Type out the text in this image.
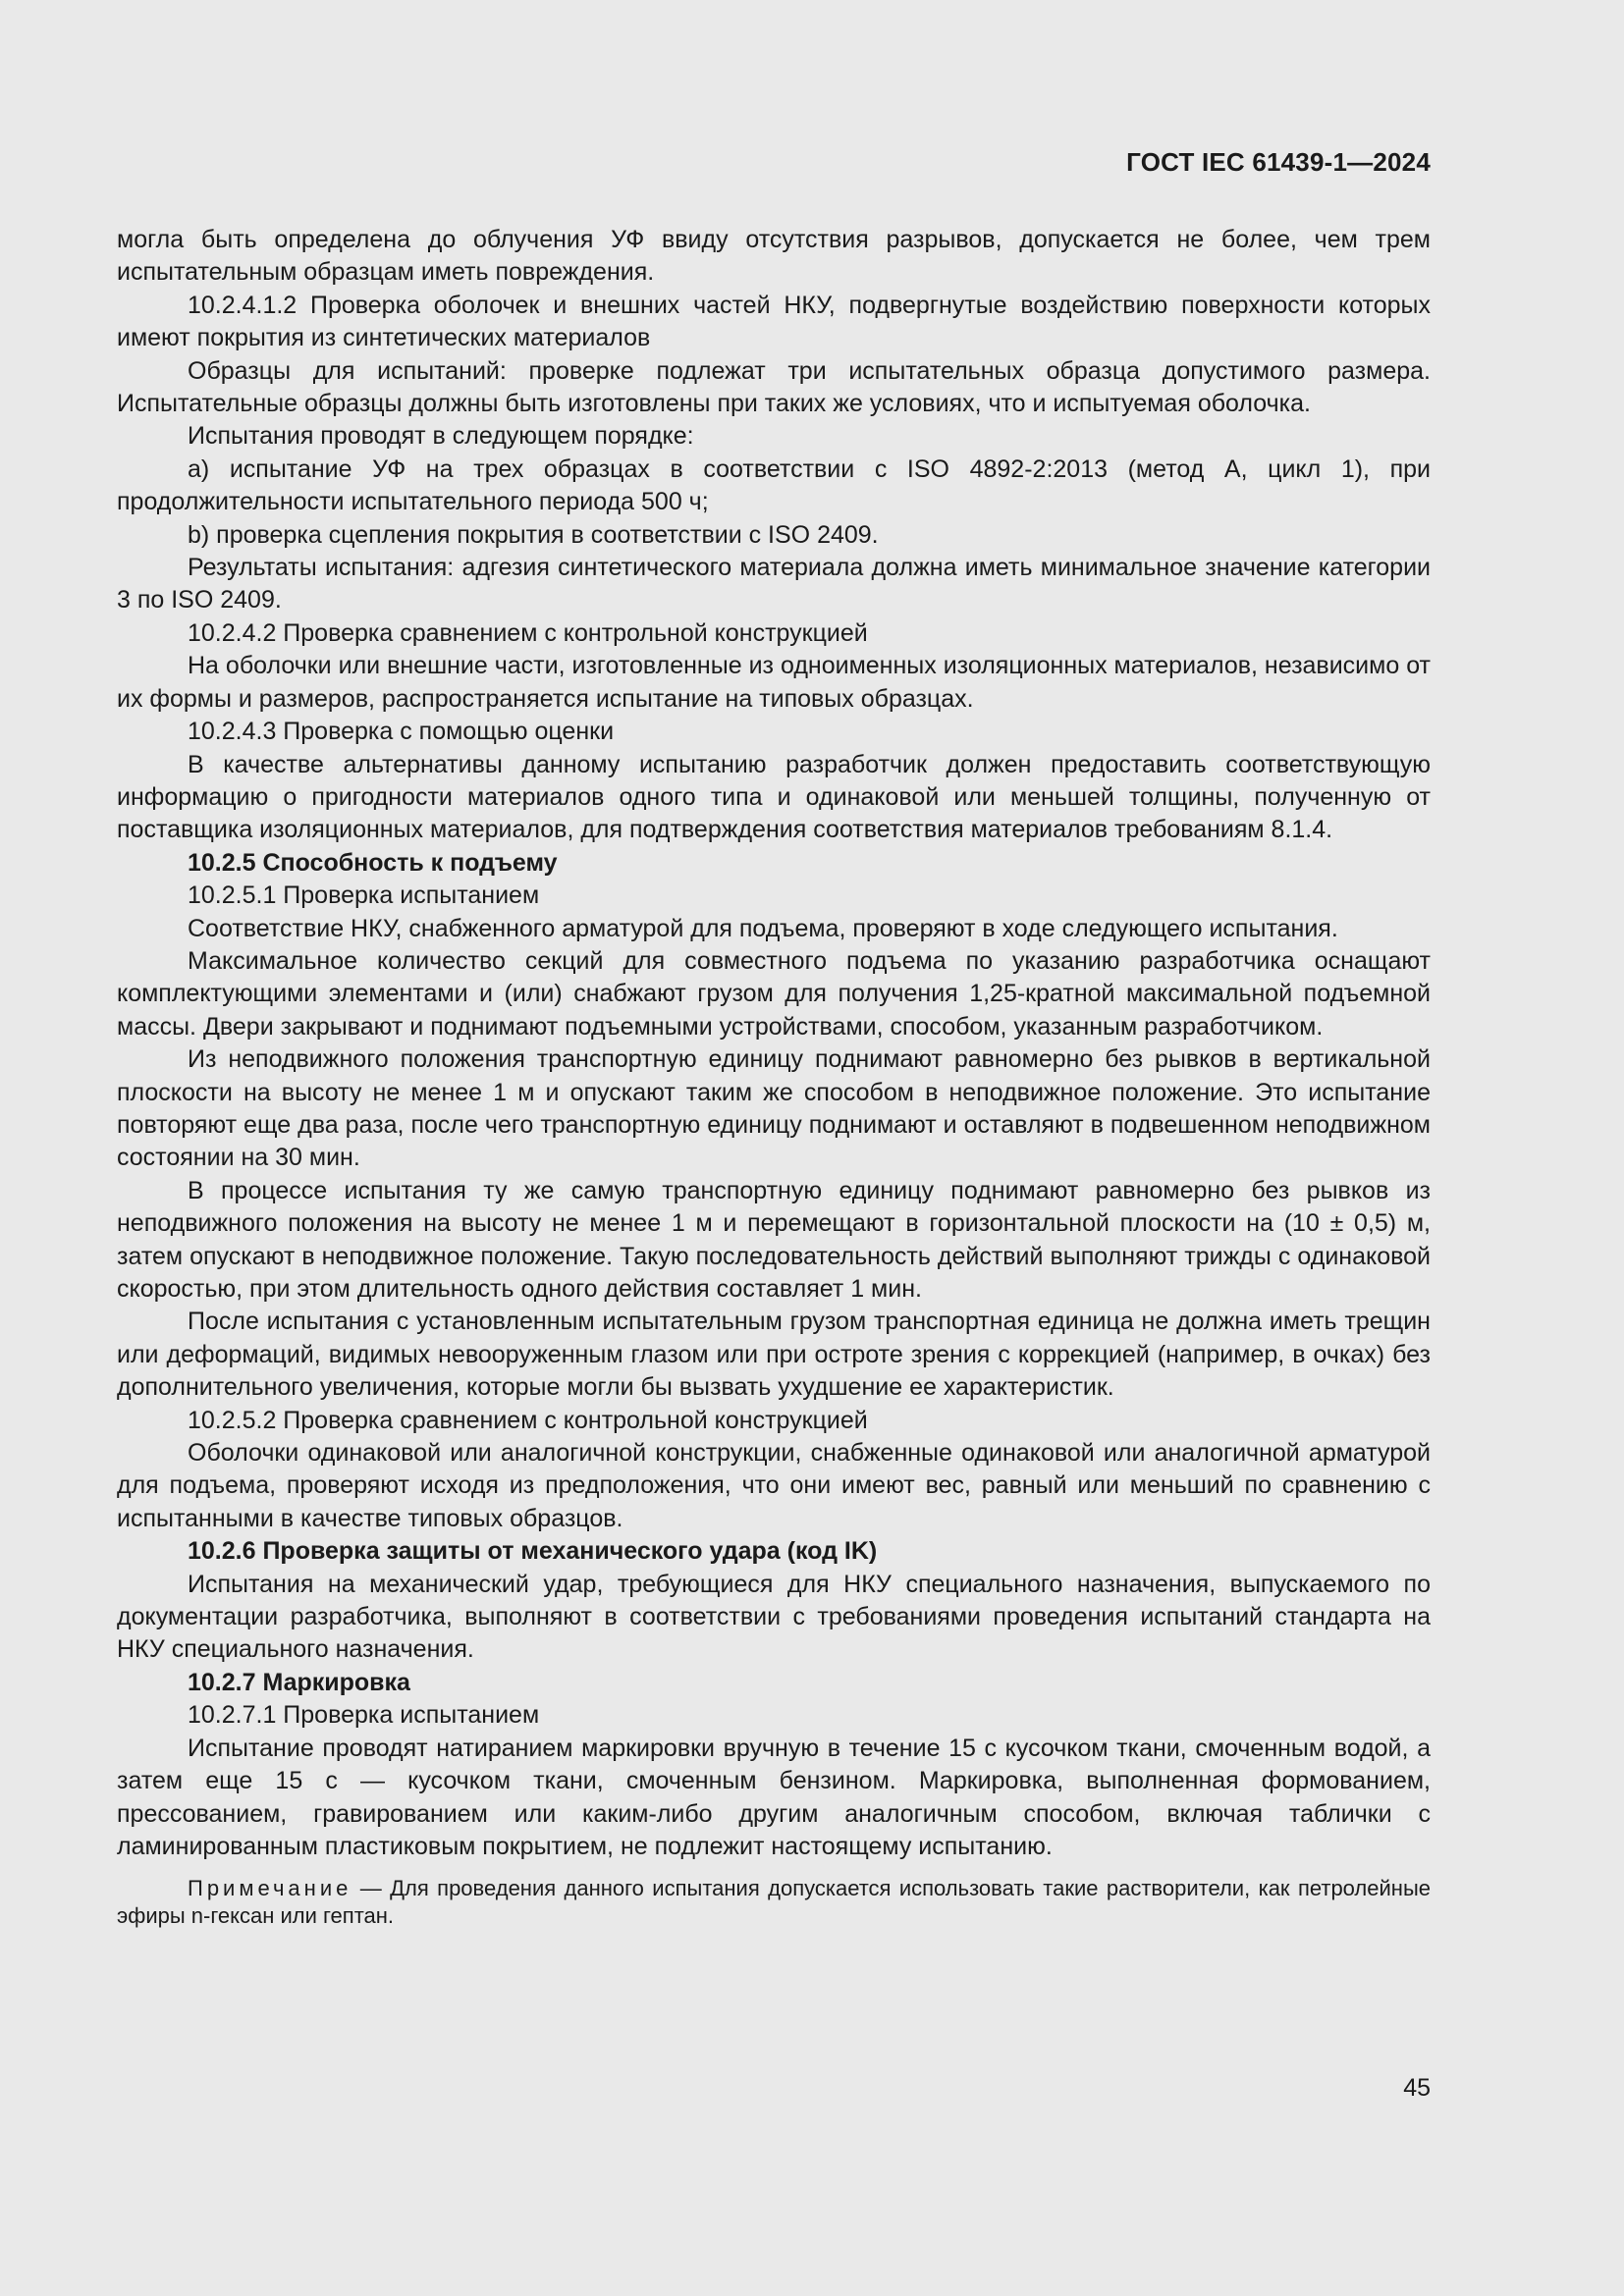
ГОСТ IEC 61439-1—2024

могла быть определена до облучения УФ ввиду отсутствия разрывов, допускается не более, чем трем испытательным образцам иметь повреждения.

10.2.4.1.2 Проверка оболочек и внешних частей НКУ, подвергнутые воздействию поверхности которых имеют покрытия из синтетических материалов

Образцы для испытаний: проверке подлежат три испытательных образца допустимого размера. Испытательные образцы должны быть изготовлены при таких же условиях, что и испытуемая оболочка.

Испытания проводят в следующем порядке:

a) испытание УФ на трех образцах в соответствии с ISO 4892-2:2013 (метод А, цикл 1), при продолжительности испытательного периода 500 ч;

b) проверка сцепления покрытия в соответствии с ISO 2409.

Результаты испытания: адгезия синтетического материала должна иметь минимальное значение категории 3 по ISO 2409.

10.2.4.2 Проверка сравнением с контрольной конструкцией

На оболочки или внешние части, изготовленные из одноименных изоляционных материалов, независимо от их формы и размеров, распространяется испытание на типовых образцах.

10.2.4.3 Проверка с помощью оценки

В качестве альтернативы данному испытанию разработчик должен предоставить соответствующую информацию о пригодности материалов одного типа и одинаковой или меньшей толщины, полученную от поставщика изоляционных материалов, для подтверждения соответствия материалов требованиям 8.1.4.

10.2.5 Способность к подъему

10.2.5.1 Проверка испытанием

Соответствие НКУ, снабженного арматурой для подъема, проверяют в ходе следующего испытания.

Максимальное количество секций для совместного подъема по указанию разработчика оснащают комплектующими элементами и (или) снабжают грузом для получения 1,25-кратной максимальной подъемной массы. Двери закрывают и поднимают подъемными устройствами, способом, указанным разработчиком.

Из неподвижного положения транспортную единицу поднимают равномерно без рывков в вертикальной плоскости на высоту не менее 1 м и опускают таким же способом в неподвижное положение. Это испытание повторяют еще два раза, после чего транспортную единицу поднимают и оставляют в подвешенном неподвижном состоянии на 30 мин.

В процессе испытания ту же самую транспортную единицу поднимают равномерно без рывков из неподвижного положения на высоту не менее 1 м и перемещают в горизонтальной плоскости на (10 ± 0,5) м, затем опускают в неподвижное положение. Такую последовательность действий выполняют трижды с одинаковой скоростью, при этом длительность одного действия составляет 1 мин.

После испытания с установленным испытательным грузом транспортная единица не должна иметь трещин или деформаций, видимых невооруженным глазом или при остроте зрения с коррекцией (например, в очках) без дополнительного увеличения, которые могли бы вызвать ухудшение ее характеристик.

10.2.5.2 Проверка сравнением с контрольной конструкцией

Оболочки одинаковой или аналогичной конструкции, снабженные одинаковой или аналогичной арматурой для подъема, проверяют исходя из предположения, что они имеют вес, равный или меньший по сравнению с испытанными в качестве типовых образцов.

10.2.6 Проверка защиты от механического удара (код IK)

Испытания на механический удар, требующиеся для НКУ специального назначения, выпускаемого по документации разработчика, выполняют в соответствии с требованиями проведения испытаний стандарта на НКУ специального назначения.

10.2.7 Маркировка

10.2.7.1 Проверка испытанием

Испытание проводят натиранием маркировки вручную в течение 15 с кусочком ткани, смоченным водой, а затем еще 15 с — кусочком ткани, смоченным бензином. Маркировка, выполненная формованием, прессованием, гравированием или каким-либо другим аналогичным способом, включая таблички с ламинированным пластиковым покрытием, не подлежит настоящему испытанию.

Примечание — Для проведения данного испытания допускается использовать такие растворители, как петролейные эфиры n-гексан или гептан.

45
